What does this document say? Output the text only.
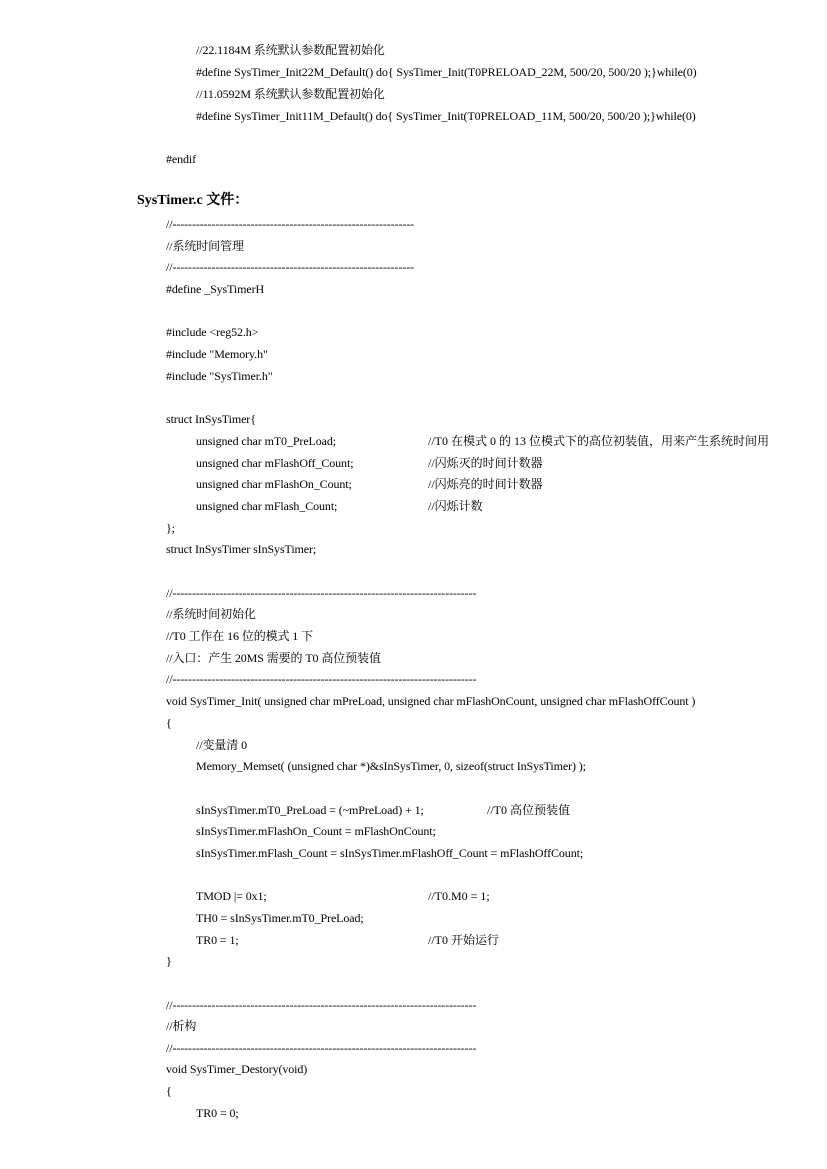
//22.1184M 系统默认参数配置初始化
#define SysTimer_Init22M_Default() do{ SysTimer_Init(T0PRELOAD_22M, 500/20, 500/20 );}while(0)
//11.0592M 系统默认参数配置初始化
#define SysTimer_Init11M_Default() do{ SysTimer_Init(T0PRELOAD_11M, 500/20, 500/20 );}while(0)
#endif
SysTimer.c 文件：
//--------------------------------------------------------------
//系统时间管理
//--------------------------------------------------------------
#define _SysTimerH
#include <reg52.h>
#include "Memory.h"
#include "SysTimer.h"
struct InSysTimer{
unsigned char mT0_PreLoad;	//T0 在模式 0 的 13 位模式下的高位初装值，用来产生系统时间用
unsigned char mFlashOff_Count;	//闪烁灭的时间计数器
unsigned char mFlashOn_Count;	//闪烁亮的时间计数器
unsigned char mFlash_Count;	//闪烁计数
};
struct InSysTimer sInSysTimer;
//------------------------------------------------------------------------------
//系统时间初始化
//T0 工作在 16 位的模式 1 下
//入口：产生 20MS 需要的 T0 高位预装值
//------------------------------------------------------------------------------
void SysTimer_Init( unsigned char mPreLoad, unsigned char mFlashOnCount, unsigned char mFlashOffCount )
{
//变量清 0
Memory_Memset( (unsigned char *)&sInSysTimer, 0, sizeof(struct InSysTimer) );
sInSysTimer.mT0_PreLoad = (~mPreLoad) + 1;	//T0 高位预装值
sInSysTimer.mFlashOn_Count = mFlashOnCount;
sInSysTimer.mFlash_Count = sInSysTimer.mFlashOff_Count = mFlashOffCount;
TMOD |= 0x1;	//T0.M0 = 1;
TH0 = sInSysTimer.mT0_PreLoad;
TR0 = 1;	//T0 开始运行
}
//------------------------------------------------------------------------------
//析构
//------------------------------------------------------------------------------
void SysTimer_Destory(void)
{
TR0 = 0;
